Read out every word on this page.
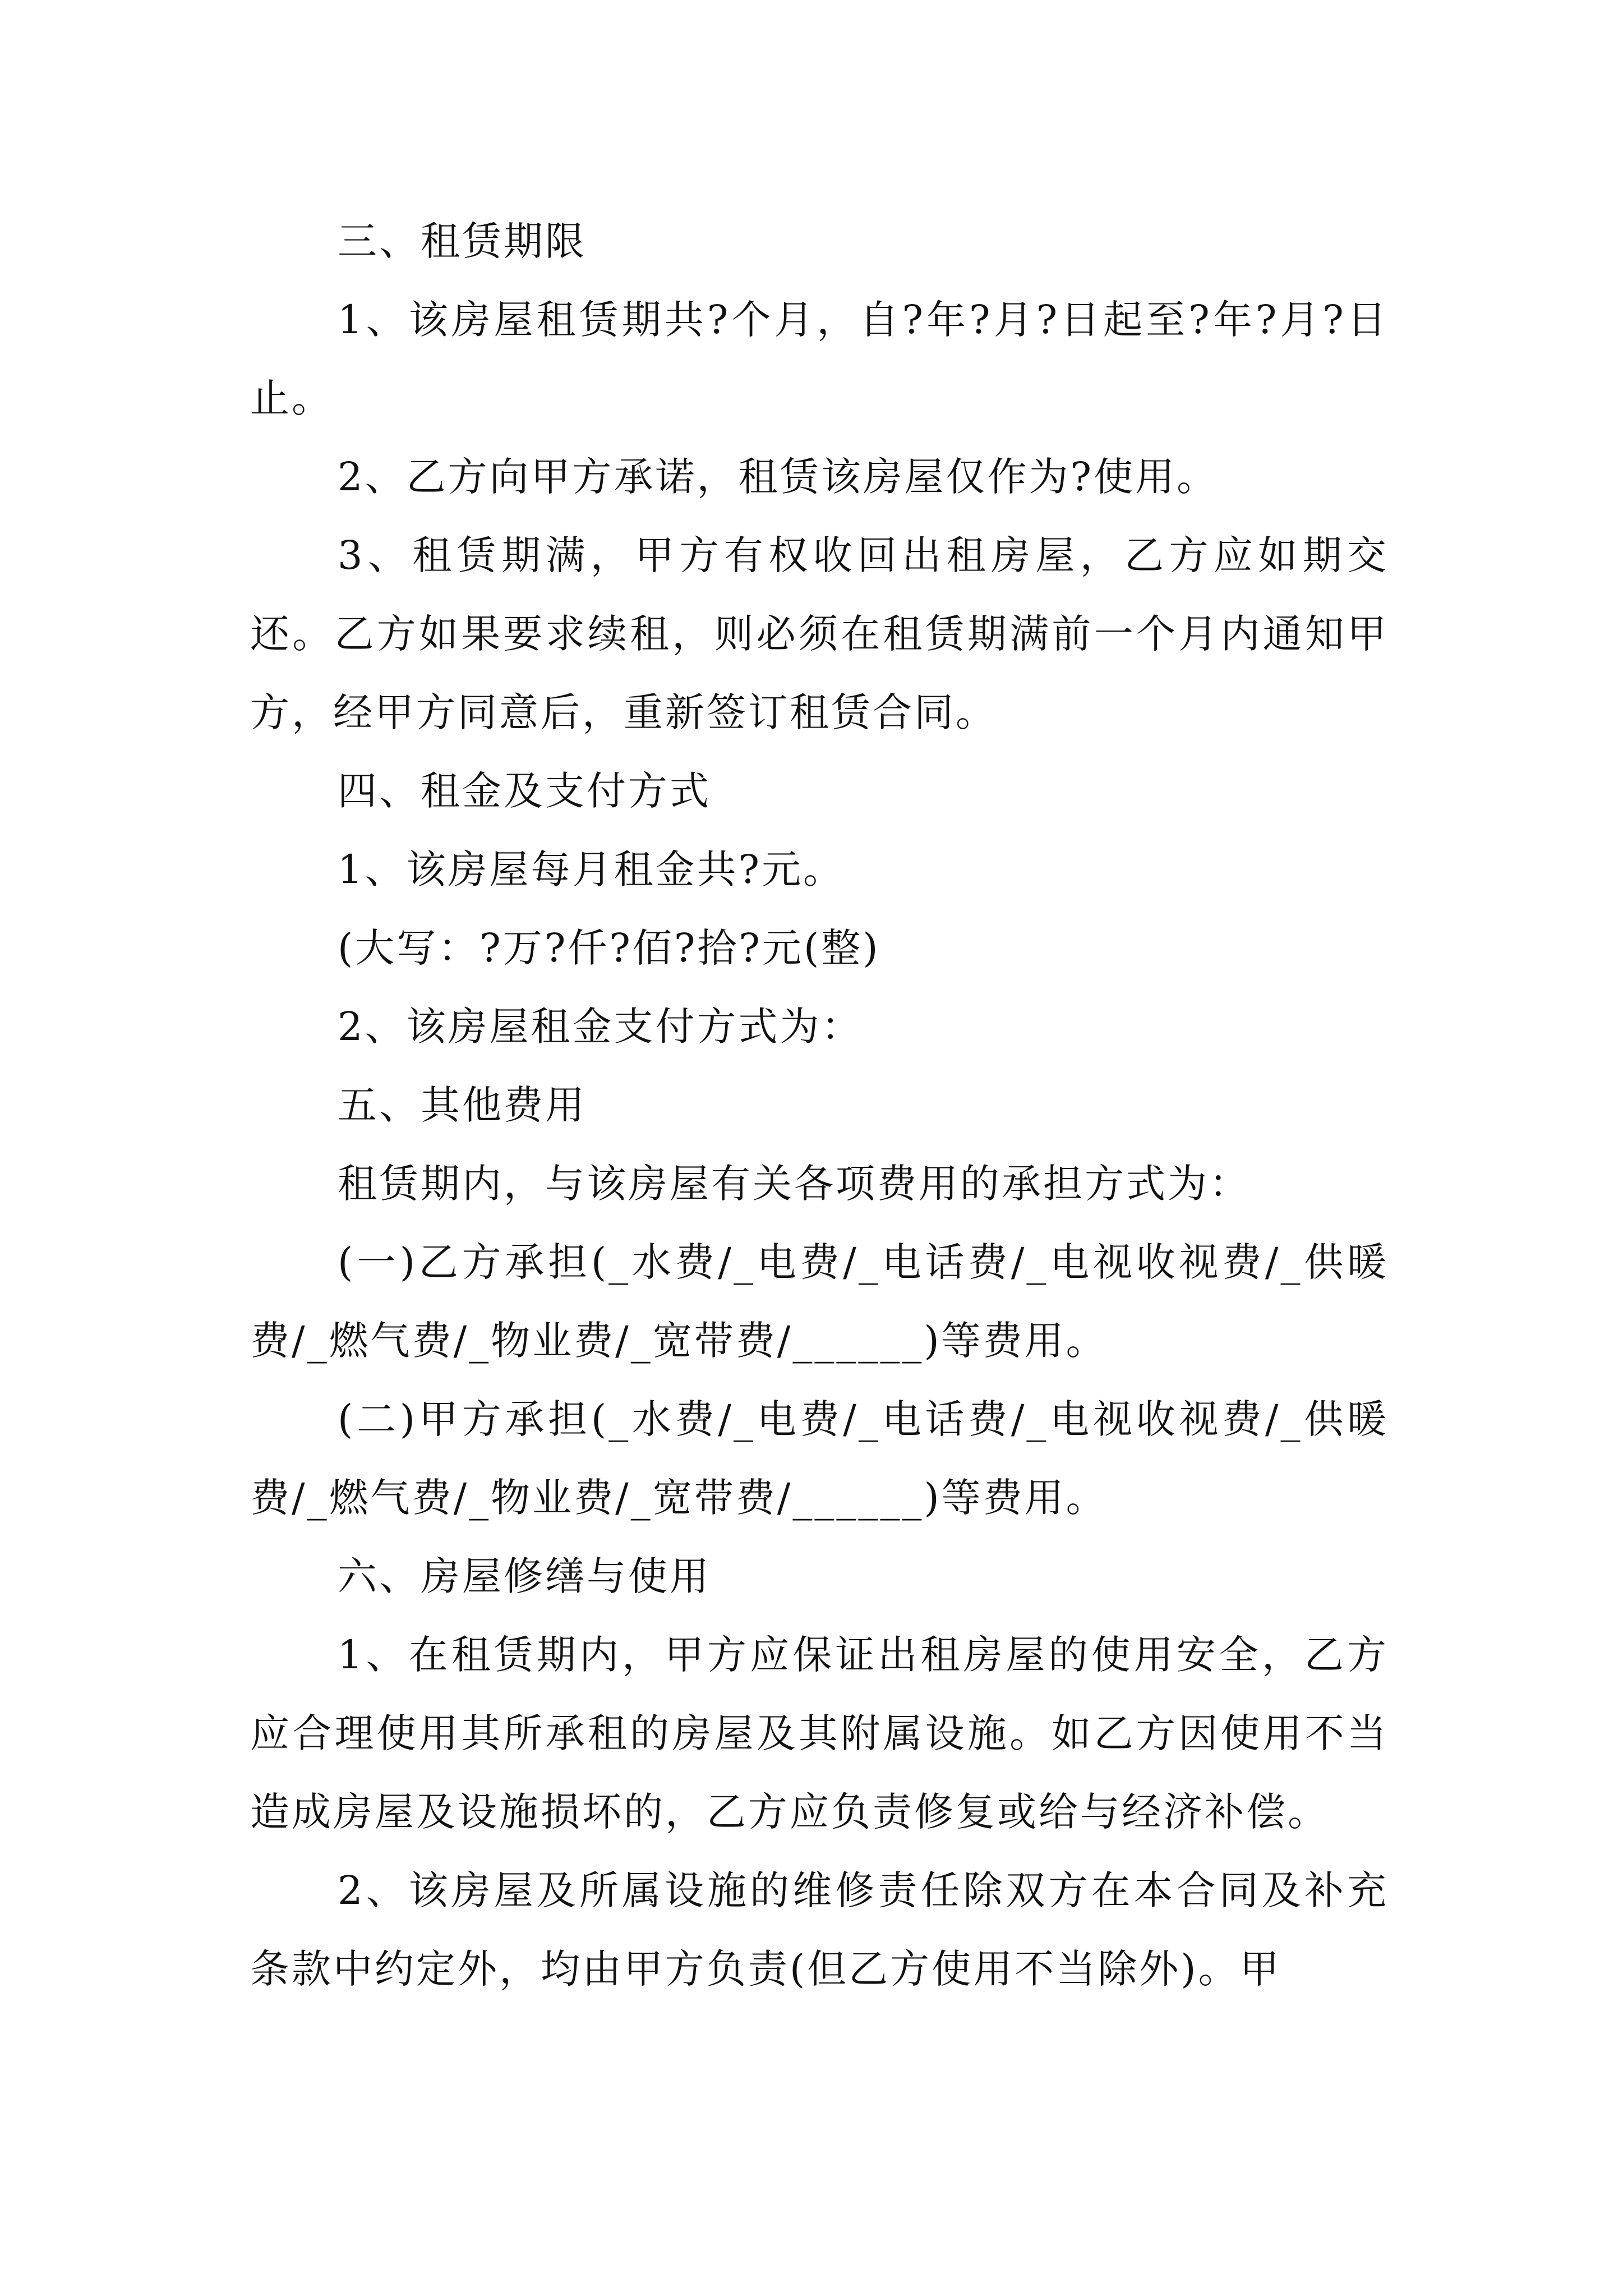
三、租赁期限

1、该房屋租赁期共?个月，自?年?月?日起至?年?月?日止。

2、乙方向甲方承诺，租赁该房屋仅作为?使用。

3、租赁期满，甲方有权收回出租房屋，乙方应如期交还。乙方如果要求续租，则必须在租赁期满前一个月内通知甲方，经甲方同意后，重新签订租赁合同。

四、租金及支付方式

1、该房屋每月租金共?元。

(大写：?万?仟?佰?拾?元(整)

2、该房屋租金支付方式为：

五、其他费用

租赁期内，与该房屋有关各项费用的承担方式为：

(一)乙方承担(_水费/_电费/_电话费/_电视收视费/_供暖费/_燃气费/_物业费/_宽带费/______)等费用。

(二)甲方承担(_水费/_电费/_电话费/_电视收视费/_供暖费/_燃气费/_物业费/_宽带费/______)等费用。

六、房屋修缮与使用

1、在租赁期内，甲方应保证出租房屋的使用安全，乙方应合理使用其所承租的房屋及其附属设施。如乙方因使用不当造成房屋及设施损坏的，乙方应负责修复或给与经济补偿。

2、该房屋及所属设施的维修责任除双方在本合同及补充条款中约定外，均由甲方负责(但乙方使用不当除外)。甲
